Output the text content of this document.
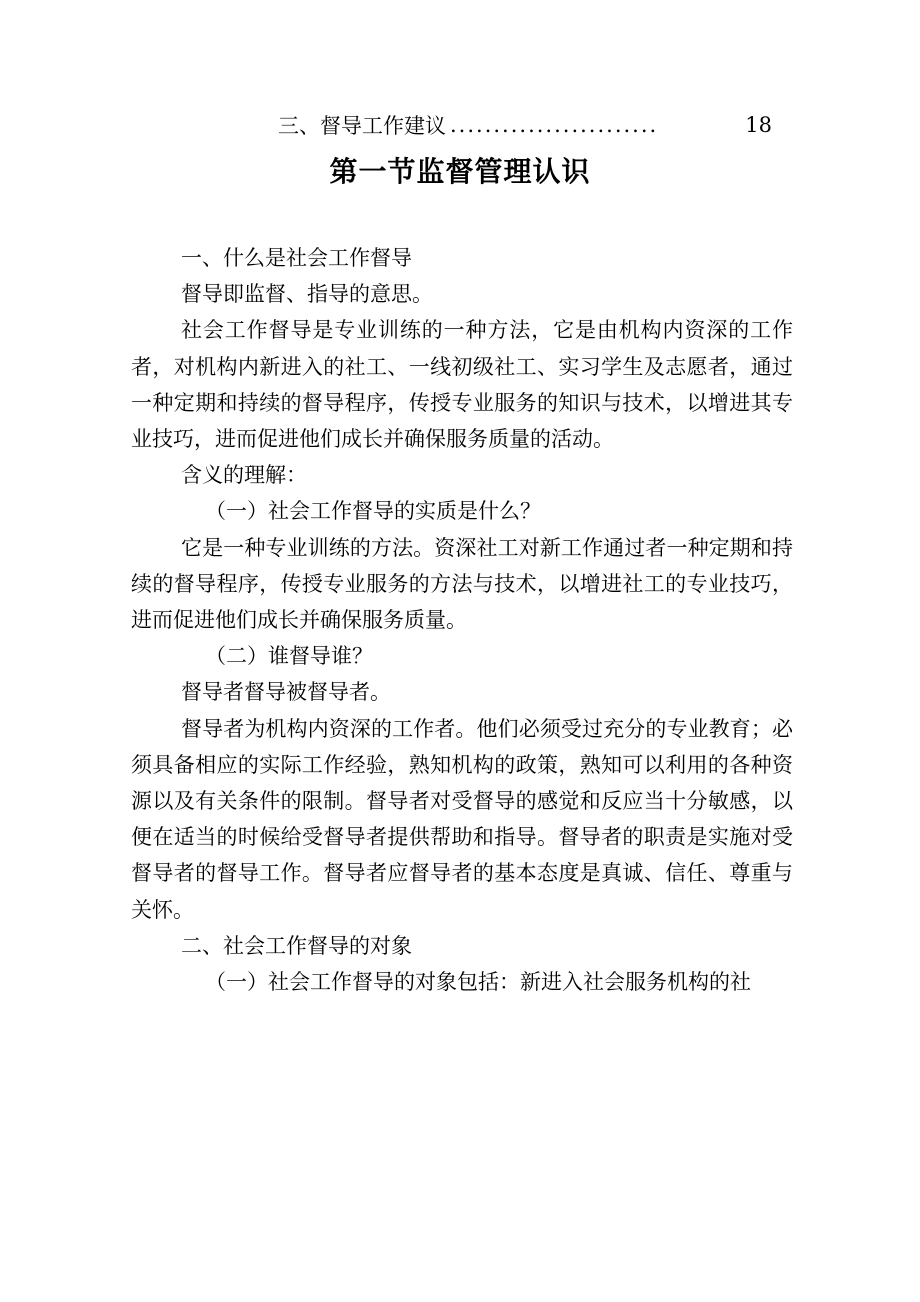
三、督导工作建议 ........................	18
第一节监督管理认识

一、什么是社会工作督导

督导即监督、指导的意思。

社会工作督导是专业训练的一种方法，它是由机构内资深的工作者，对机构内新进入的社工、一线初级社工、实习学生及志愿者，通过一种定期和持续的督导程序，传授专业服务的知识与技术，以增进其专业技巧，进而促进他们成长并确保服务质量的活动。

含义的理解：

（一）社会工作督导的实质是什么？

它是一种专业训练的方法。资深社工对新工作通过者一种定期和持续的督导程序，传授专业服务的方法与技术，以增进社工的专业技巧，进而促进他们成长并确保服务质量。

（二）谁督导谁？

督导者督导被督导者。

督导者为机构内资深的工作者。他们必须受过充分的专业教育；必须具备相应的实际工作经验，熟知机构的政策，熟知可以利用的各种资源以及有关条件的限制。督导者对受督导的感觉和反应当十分敏感，以便在适当的时候给受督导者提供帮助和指导。督导者的职责是实施对受督导者的督导工作。督导者应督导者的基本态度是真诚、信任、尊重与关怀。

二、社会工作督导的对象

（一）社会工作督导的对象包括：新进入社会服务机构的社
